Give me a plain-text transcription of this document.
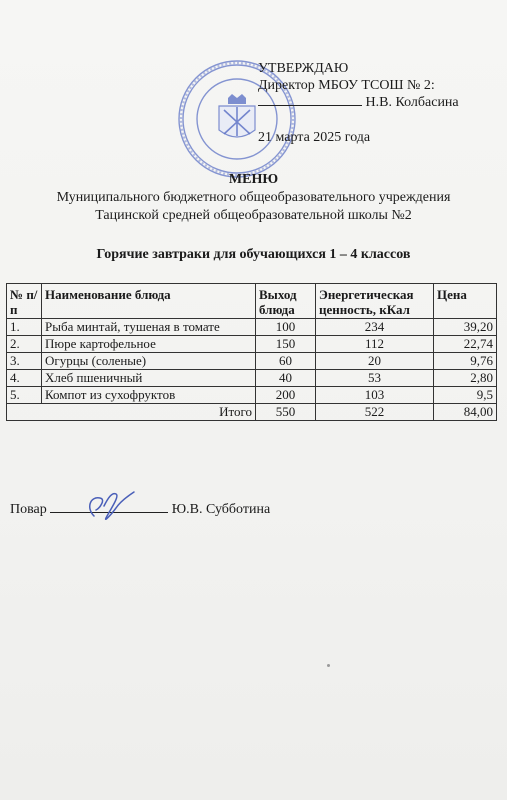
УТВЕРЖДАЮ
Директор МБОУ ТСОШ № 2:
Н.В. Колбасина
21 марта 2025 года
МЕНЮ
Муниципального бюджетного общеобразовательного учреждения
Тацинской средней общеобразовательной школы №2
Горячие завтраки для обучающихся 1 – 4 классов
№ п/п	Наименование блюда	Выход блюда	Энергетическая ценность, кКал	Цена
1.	Рыба минтай, тушеная в томате	100	234	39,20
2.	Пюре картофельное	150	112	22,74
3.	Огурцы (соленые)	60	20	9,76
4.	Хлеб пшеничный	40	53	2,80
5.	Компот из сухофруктов	200	103	9,5
Итого		550	522	84,00
Повар	Ю.В. Субботина
